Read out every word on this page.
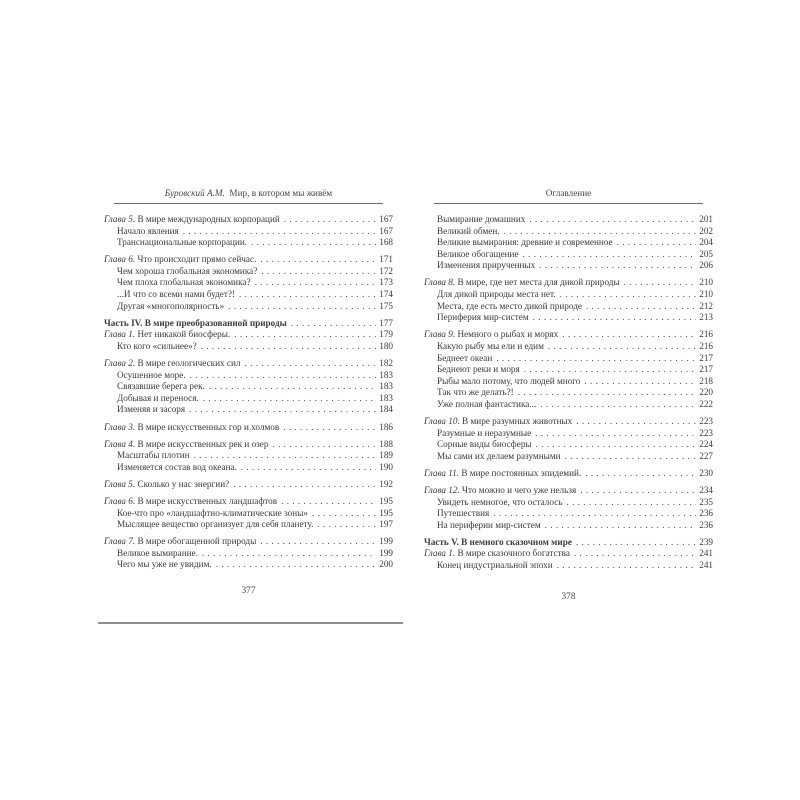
Буровский А.М. Мир, в котором мы живём
Глава 5. В мире международных корпораций . . .	167
Начало явления . . .	167
Транснациональные корпорации. . . .	168
Глава 6. Что происходит прямо сейчас. . . .	171
Чем хороша глобальная экономика? . . .	172
Чем плоха глобальная экономика? . . .	173
...И что со всеми нами будет?! . . .	174
Другая «многополярность» . . .	175
Часть IV. В мире преобразованной природы . . .	177
Глава 1. Нет никакой биосферы. . . .	179
Кто кого «сильнее»? . . .	180
Глава 2. В мире геологических сил . . .	182
Осушенное море. . . .	183
Связавшие берега рек. . . .	183
Добывая и перенося. . . .	183
Изменяя и засоря . . .	184
Глава 3. В мире искусственных гор и холмов . . .	186
Глава 4. В мире искусственных рек и озер . . .	188
Масштабы плотин . . .	189
Изменяется состав вод океана. . . .	190
Глава 5. Сколько у нас энергии? . . .	192
Глава 6. В мире искусственных ландшафтов . . .	195
Кое-что про «ландшафтно-климатические зоны» . . .	195
Мыслящее вещество организует для себя планету. . . .	197
Глава 7. В мире обогащенной природы . . .	199
Великое вымирание. . . .	199
Чего мы уже не увидим. . . .	200
377
Оглавление
Вымирание домашних . . .	201
Великий обмен. . . .	202
Великие вымирания: древние и современное . . .	204
Великое обогащение . . .	205
Изменения прирученных . . .	206
Глава 8. В мире, где нет места для дикой природы . . .	210
Для дикой природы места нет. . . .	210
Места, где есть место дикой природе . . .	212
Периферия мир-систем . . .	213
Глава 9. Немного о рыбах и морях . . .	216
Какую рыбу мы ели и едим . . .	216
Беднеет океан . . .	217
Беднеют реки и моря . . .	217
Рыбы мало потому, что людей много . . .	218
Так что же делать?! . . .	220
Уже полная фантастика... . . .	222
Глава 10. В мире разумных животных . . .	223
Разумные и неразумные . . .	223
Сорные виды биосферы . . .	224
Мы сами их делаем разумными . . .	227
Глава 11. В мире постоянных эпидемий. . . .	230
Глава 12. Что можно и чего уже нельзя . . .	234
Увидеть немногое, что осталось . . .	235
Путешествия . . .	236
На периферии мир-систем . . .	236
Часть V. В немного сказочном мире . . .	239
Глава 1. В мире сказочного богатства . . .	241
Конец индустриальной эпохи . . .	241
378
